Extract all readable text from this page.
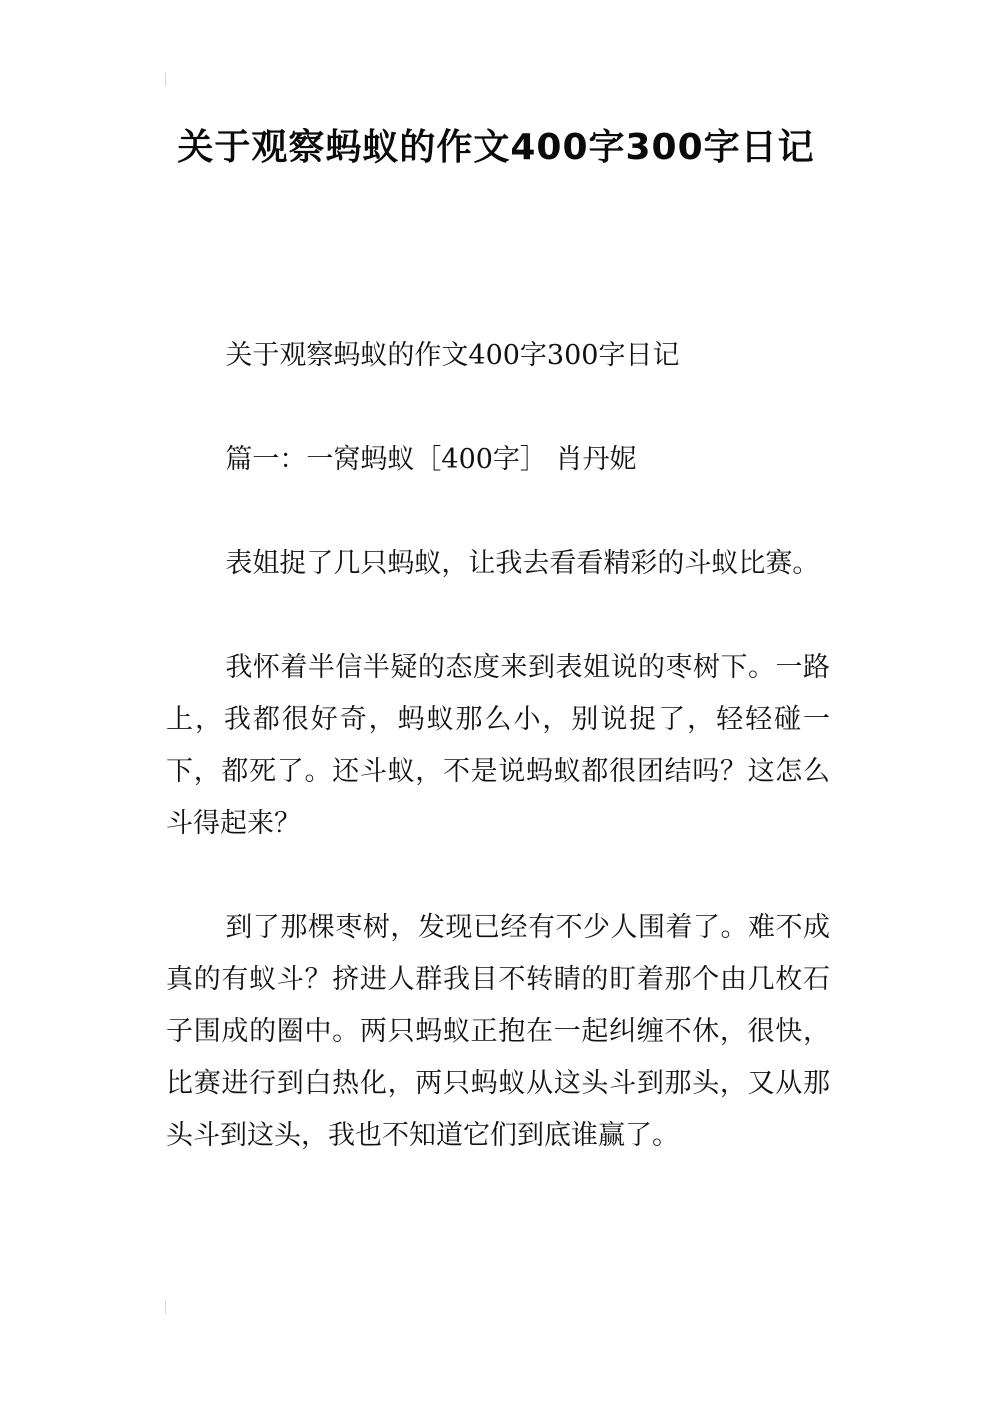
关于观察蚂蚁的作文400字300字日记

关于观察蚂蚁的作文400字300字日记

篇一：一窝蚂蚁［400字］ 肖丹妮

表姐捉了几只蚂蚁，让我去看看精彩的斗蚁比赛。

我怀着半信半疑的态度来到表姐说的枣树下。一路上，我都很好奇，蚂蚁那么小，别说捉了，轻轻碰一下，都死了。还斗蚁，不是说蚂蚁都很团结吗？这怎么斗得起来？

到了那棵枣树，发现已经有不少人围着了。难不成真的有蚁斗？挤进人群我目不转睛的盯着那个由几枚石子围成的圈中。两只蚂蚁正抱在一起纠缠不休，很快，比赛进行到白热化，两只蚂蚁从这头斗到那头，又从那头斗到这头，我也不知道它们到底谁赢了。
